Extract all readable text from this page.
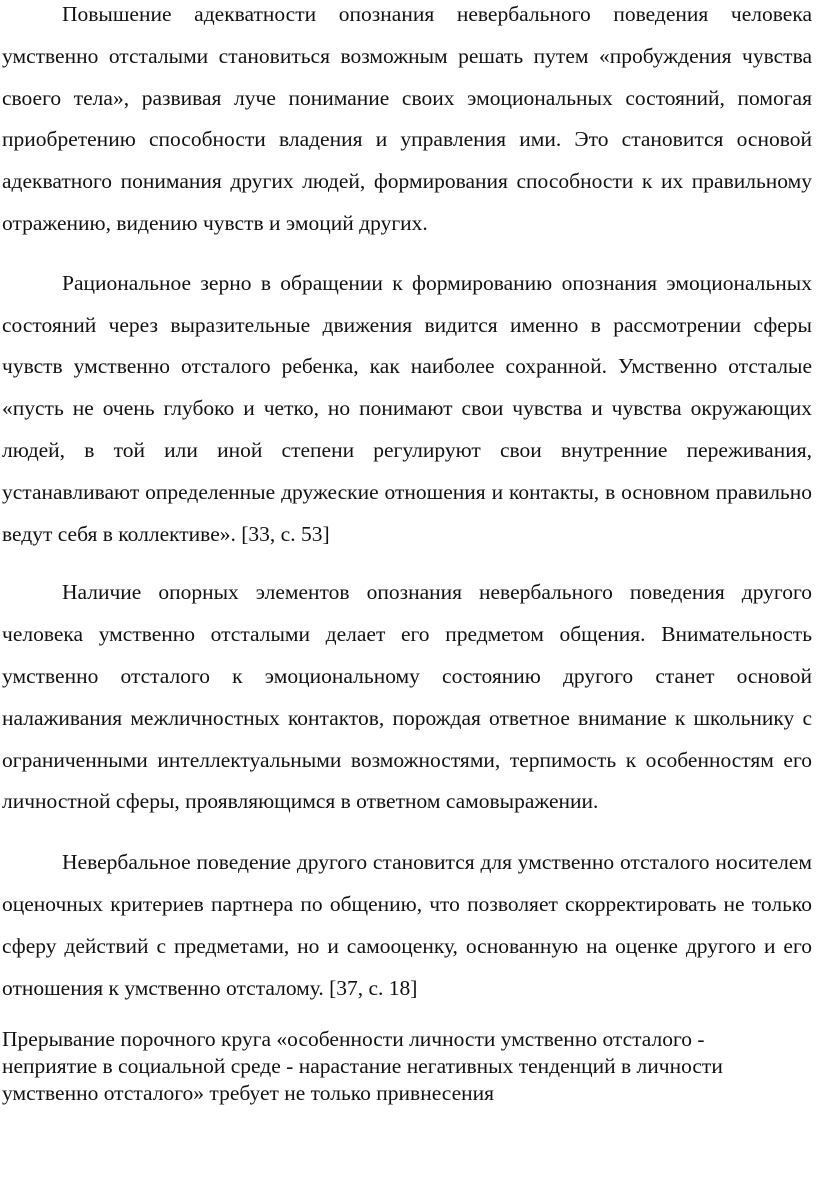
Повышение адекватности опознания невербального поведения человека умственно отсталыми становиться возможным решать путем «пробуждения чувства своего тела», развивая луче понимание своих эмоциональных состояний, помогая приобретению способности владения и управления ими. Это становится основой адекватного понимания других людей, формирования способности к их правильному отражению, видению чувств и эмоций других.

Рациональное зерно в обращении к формированию опознания эмоциональных состояний через выразительные движения видится именно в рассмотрении сферы чувств умственно отсталого ребенка, как наиболее сохранной. Умственно отсталые «пусть не очень глубоко и четко, но понимают свои чувства и чувства окружающих людей, в той или иной степени регулируют свои внутренние переживания, устанавливают определенные дружеские отношения и контакты, в основном правильно ведут себя в коллективе». [33, с. 53]

Наличие опорных элементов опознания невербального поведения другого человека умственно отсталыми делает его предметом общения. Внимательность умственно отсталого к эмоциональному состоянию другого станет основой налаживания межличностных контактов, порождая ответное внимание к школьнику с ограниченными интеллектуальными возможностями, терпимость к особенностям его личностной сферы, проявляющимся в ответном самовыражении.

Невербальное поведение другого становится для умственно отсталого носителем оценочных критериев партнера по общению, что позволяет скорректировать не только сферу действий с предметами, но и самооценку, основанную на оценке другого и его отношения к умственно отсталому. [37, с. 18]

Прерывание порочного круга «особенности личности умственно отсталого - неприятие в социальной среде - нарастание негативных тенденций в личности умственно отсталого» требует не только привнесения
